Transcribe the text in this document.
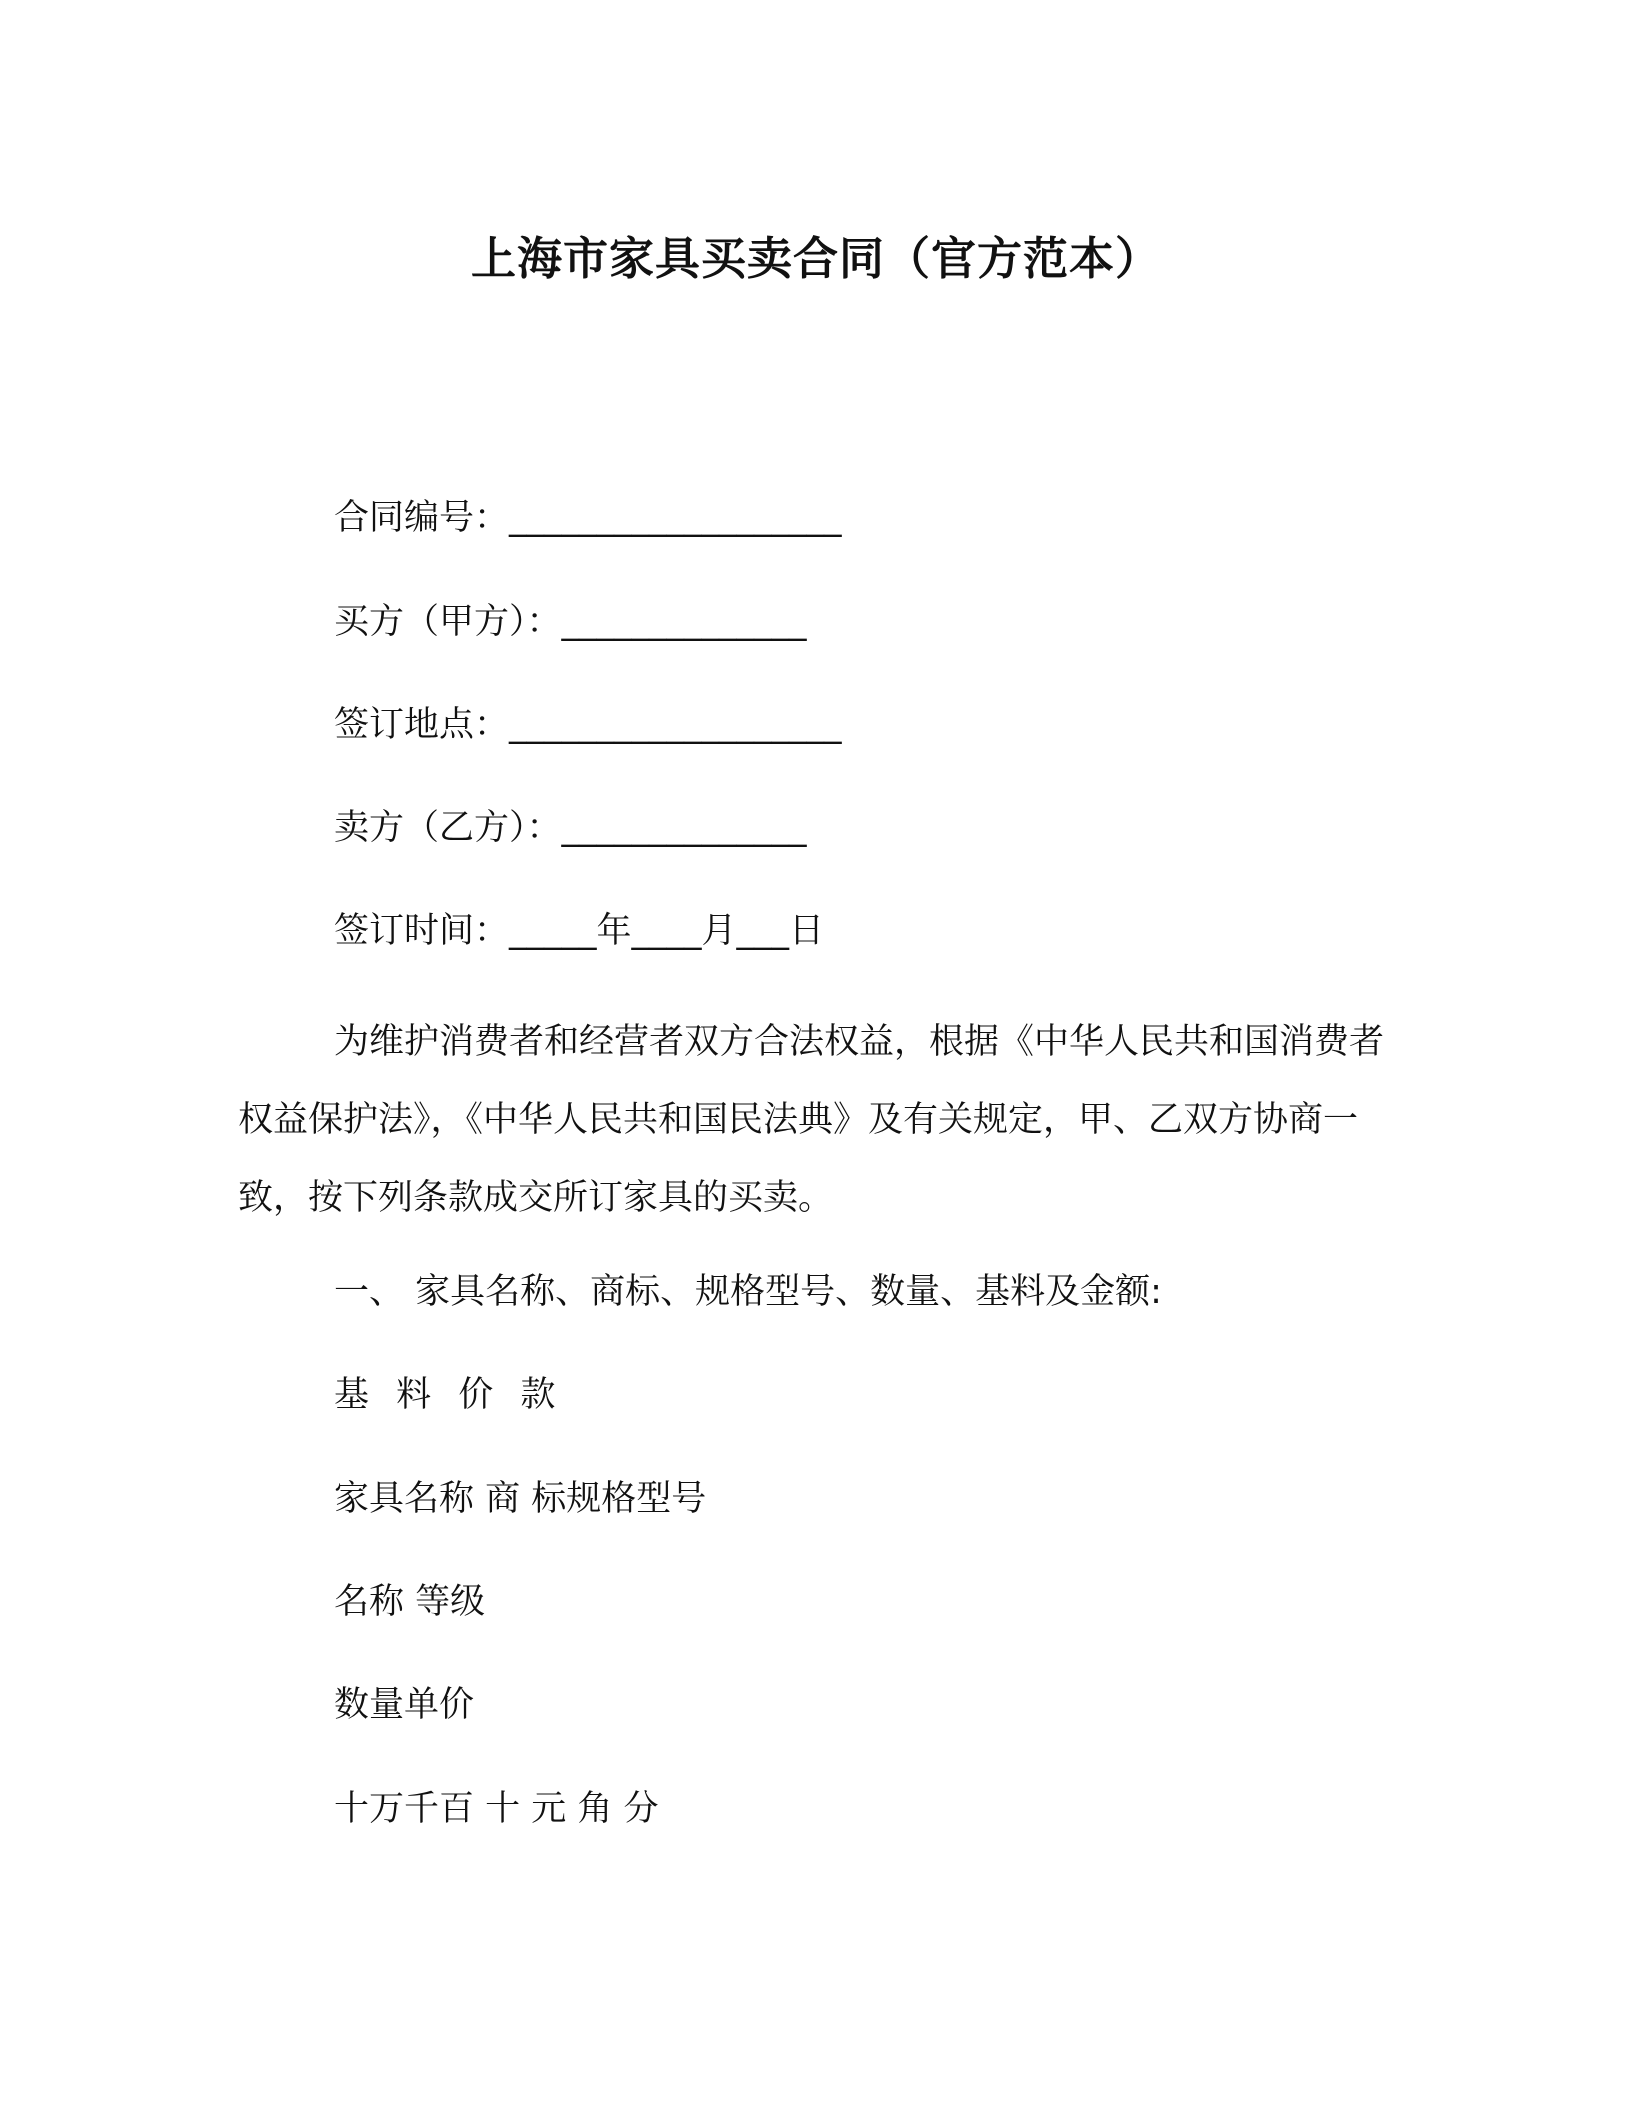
上海市家具买卖合同（官方范本）
合同编号：___________________
买方（甲方）：______________
签订地点：___________________
卖方（乙方）：______________
签订时间：_____年____月___日
为维护消费者和经营者双方合法权益，根据《中华人民共和国消费者权益保护法》，《中华人民共和国民法典》及有关规定，甲、乙双方协商一致，按下列条款成交所订家具的买卖。
一、 家具名称、商标、规格型号、数量、基料及金额:
基 料 价 款
家具名称 商 标规格型号
名称 等级
数量单价
十万千百 十 元 角 分
